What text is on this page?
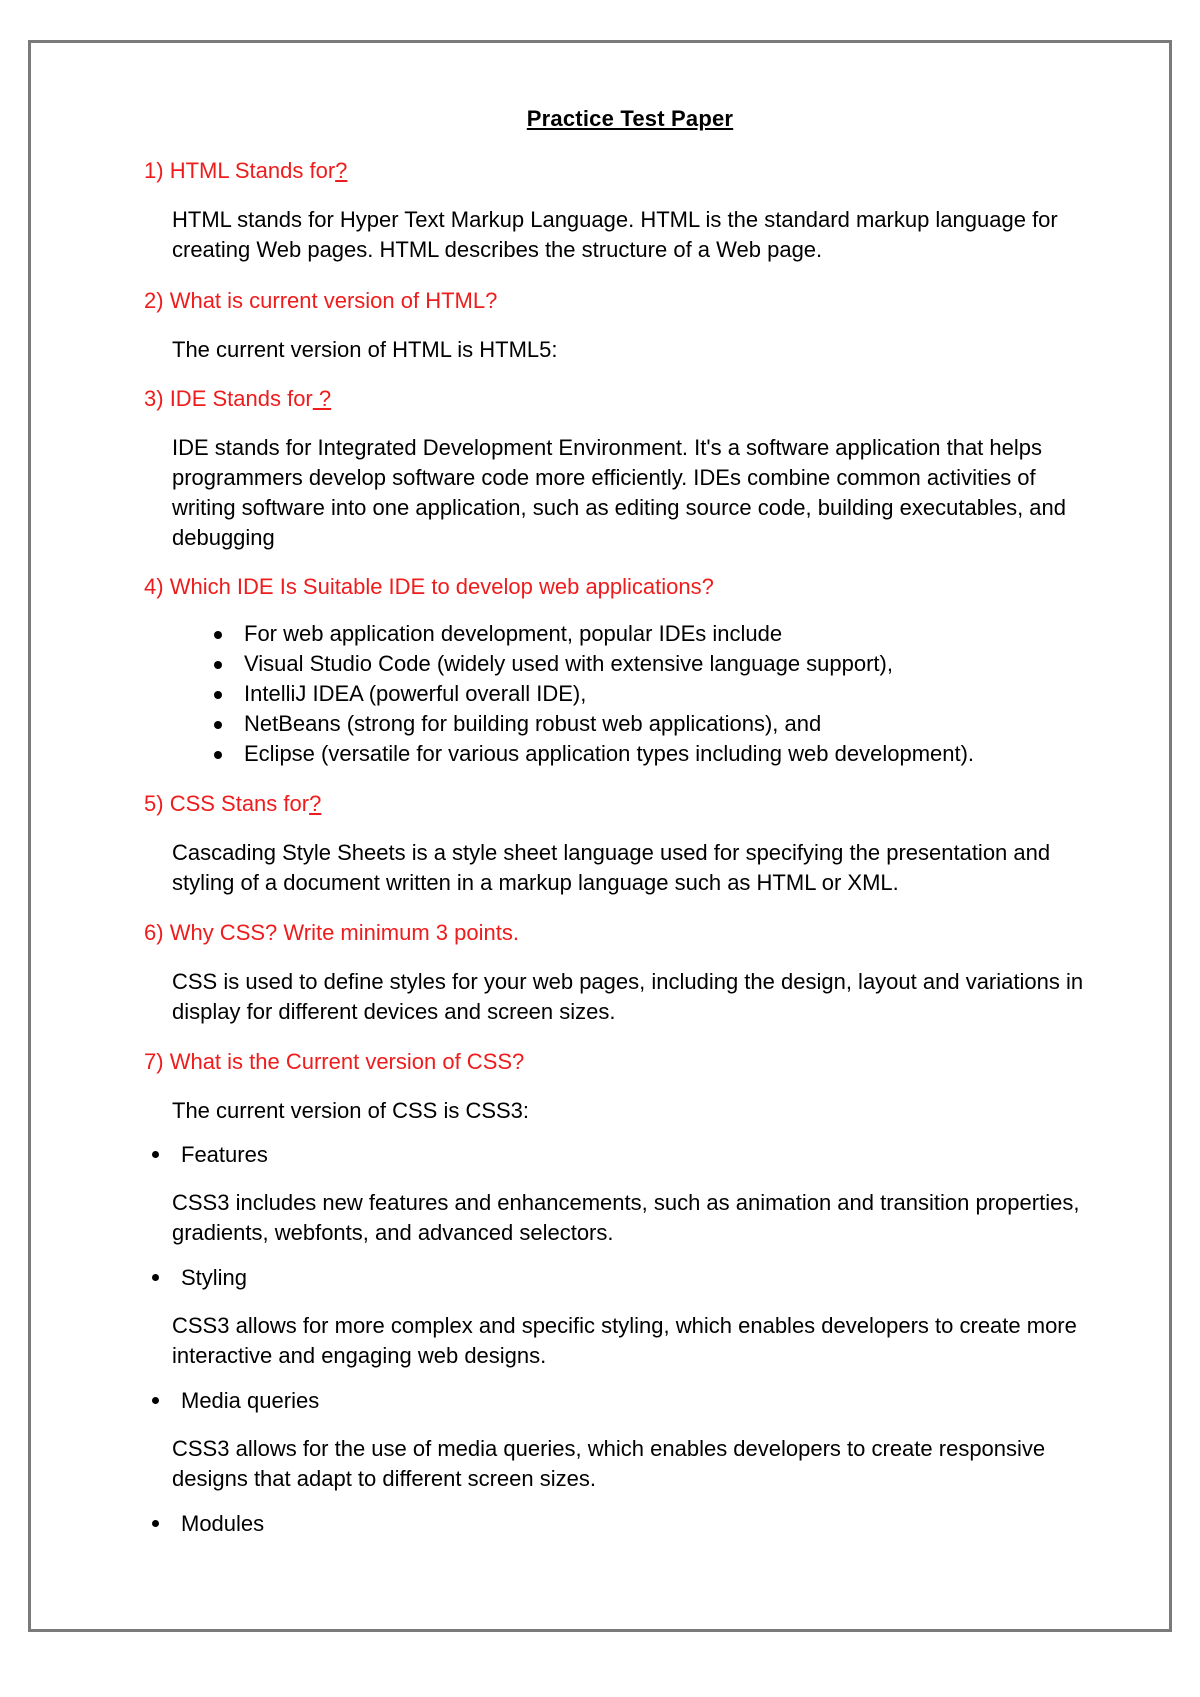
Practice Test Paper
1) HTML Stands for?
HTML stands for Hyper Text Markup Language. HTML is the standard markup language for
creating Web pages. HTML describes the structure of a Web page.
2) What is current version of HTML?
The current version of HTML is HTML5:
3) IDE Stands for ?
IDE stands for Integrated Development Environment. It's a software application that helps
programmers develop software code more efficiently. IDEs combine common activities of
writing software into one application, such as editing source code, building executables, and
debugging
4) Which IDE Is Suitable IDE to develop web applications?
For web application development, popular IDEs include
Visual Studio Code (widely used with extensive language support),
IntelliJ IDEA (powerful overall IDE),
NetBeans (strong for building robust web applications), and
Eclipse (versatile for various application types including web development).
5) CSS Stans for?
Cascading Style Sheets is a style sheet language used for specifying the presentation and
styling of a document written in a markup language such as HTML or XML.
6) Why CSS? Write minimum 3 points.
CSS is used to define styles for your web pages, including the design, layout and variations in
display for different devices and screen sizes.
7) What is the Current version of CSS?
The current version of CSS is CSS3:
Features
CSS3 includes new features and enhancements, such as animation and transition properties,
gradients, webfonts, and advanced selectors.
Styling
CSS3 allows for more complex and specific styling, which enables developers to create more
interactive and engaging web designs.
Media queries
CSS3 allows for the use of media queries, which enables developers to create responsive
designs that adapt to different screen sizes.
Modules
